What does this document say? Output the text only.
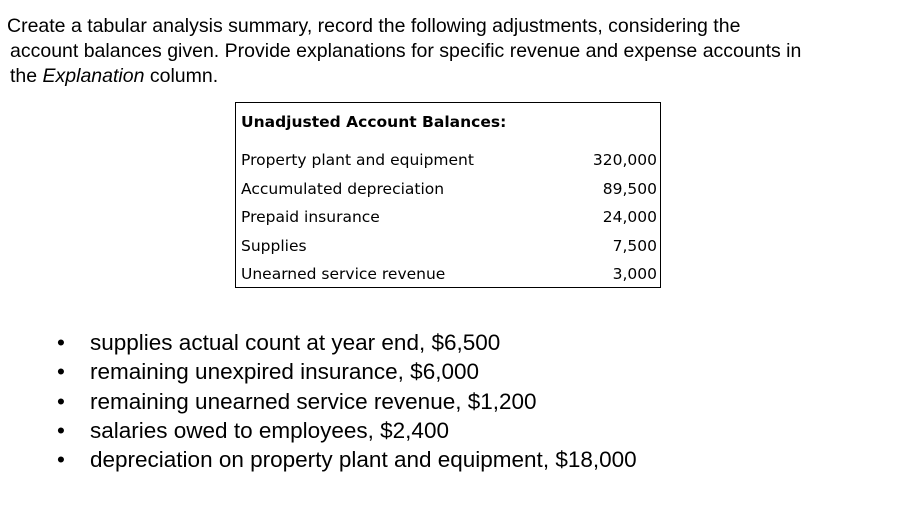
Create a tabular analysis summary, record the following adjustments, considering the
account balances given. Provide explanations for specific revenue and expense accounts in
the Explanation column.
Unadjusted Account Balances:
Property plant and equipment	320,000
Accumulated depreciation	89,500
Prepaid insurance	24,000
Supplies	7,500
Unearned service revenue	3,000
• supplies actual count at year end, $6,500
• remaining unexpired insurance, $6,000
• remaining unearned service revenue, $1,200
• salaries owed to employees, $2,400
• depreciation on property plant and equipment, $18,000
